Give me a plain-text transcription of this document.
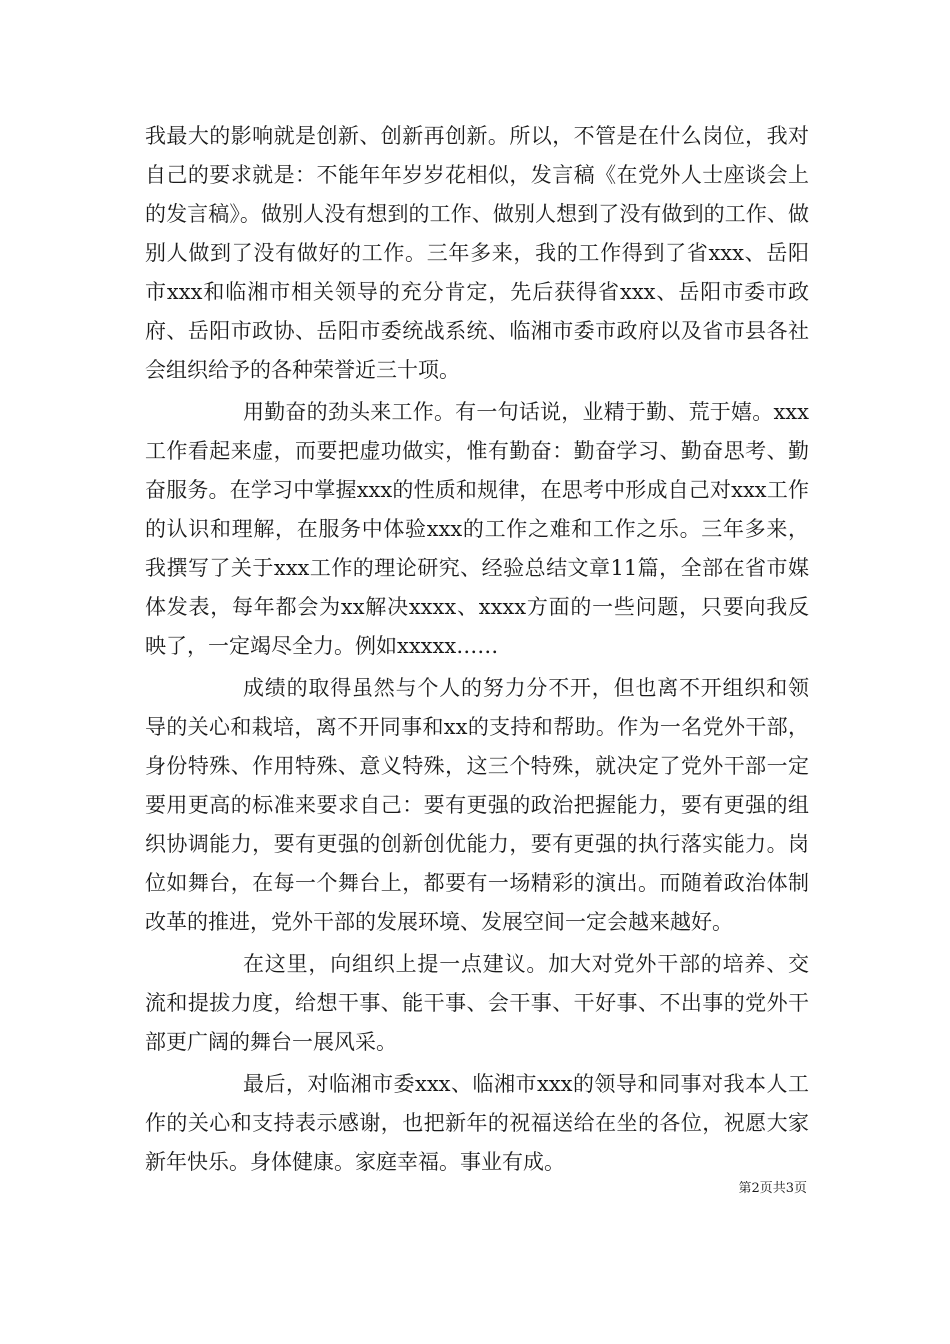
我最大的影响就是创新、创新再创新。所以，不管是在什么岗位，我对自己的要求就是：不能年年岁岁花相似，发言稿《在党外人士座谈会上的发言稿》。做别人没有想到的工作、做别人想到了没有做到的工作、做别人做到了没有做好的工作。三年多来，我的工作得到了省xxx、岳阳市xxx和临湘市相关领导的充分肯定，先后获得省xxx、岳阳市委市政府、岳阳市政协、岳阳市委统战系统、临湘市委市政府以及省市县各社会组织给予的各种荣誉近三十项。

用勤奋的劲头来工作。有一句话说，业精于勤、荒于嬉。xxx工作看起来虚，而要把虚功做实，惟有勤奋：勤奋学习、勤奋思考、勤奋服务。在学习中掌握xxx的性质和规律，在思考中形成自己对xxx工作的认识和理解，在服务中体验xxx的工作之难和工作之乐。三年多来，我撰写了关于xxx工作的理论研究、经验总结文章11篇，全部在省市媒体发表，每年都会为xx解决xxxx、xxxx方面的一些问题，只要向我反映了，一定竭尽全力。例如xxxxx……

成绩的取得虽然与个人的努力分不开，但也离不开组织和领导的关心和栽培，离不开同事和xx的支持和帮助。作为一名党外干部，身份特殊、作用特殊、意义特殊，这三个特殊，就决定了党外干部一定要用更高的标准来要求自己：要有更强的政治把握能力，要有更强的组织协调能力，要有更强的创新创优能力，要有更强的执行落实能力。岗位如舞台，在每一个舞台上，都要有一场精彩的演出。而随着政治体制改革的推进，党外干部的发展环境、发展空间一定会越来越好。

在这里，向组织上提一点建议。加大对党外干部的培养、交流和提拔力度，给想干事、能干事、会干事、干好事、不出事的党外干部更广阔的舞台一展风采。

最后，对临湘市委xxx、临湘市xxx的领导和同事对我本人工作的关心和支持表示感谢，也把新年的祝福送给在坐的各位，祝愿大家新年快乐。身体健康。家庭幸福。事业有成。

第2页共3页
